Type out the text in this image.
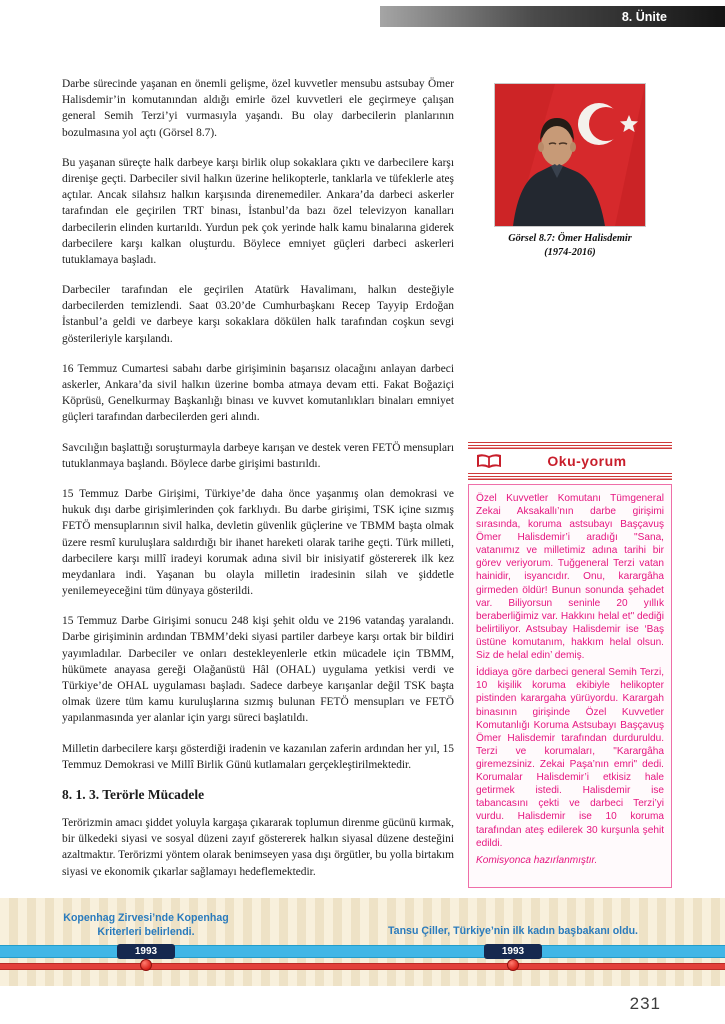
8. Ünite

Darbe sürecinde yaşanan en önemli gelişme, özel kuvvetler mensubu astsubay Ömer Halisdemir’in komutanından aldığı emirle özel kuvvetleri ele geçirmeye çalışan general Semih Terzi’yi vurmasıyla yaşandı. Bu olay darbecilerin planlarının bozulmasına yol açtı (Görsel 8.7).

Bu yaşanan süreçte halk darbeye karşı birlik olup sokaklara çıktı ve darbecilere karşı direnişe geçti. Darbeciler sivil halkın üzerine helikopterle, tanklarla ve tüfeklerle ateş açtılar. Ancak silahsız halkın karşısında direnemediler. Ankara’da darbeci askerler tarafından ele geçirilen TRT binası, İstanbul’da bazı özel televizyon kanalları darbecilerin elinden kurtarıldı. Yurdun pek çok yerinde halk kamu binalarına giderek darbecilere karşı kalkan oluşturdu. Böylece emniyet güçleri darbeci askerleri tutuklamaya başladı.

Darbeciler tarafından ele geçirilen Atatürk Havalimanı, halkın desteğiyle darbecilerden temizlendi. Saat 03.20’de Cumhurbaşkanı Recep Tayyip Erdoğan İstanbul’a geldi ve darbeye karşı sokaklara dökülen halk tarafından coşkun sevgi gösterileriyle karşılandı.

16 Temmuz Cumartesi sabahı darbe girişiminin başarısız olacağını anlayan darbeci askerler, Ankara’da sivil halkın üzerine bomba atmaya devam etti. Fakat Boğaziçi Köprüsü, Genelkurmay Başkanlığı binası ve kuvvet komutanlıkları binaları emniyet güçleri tarafından darbecilerden geri alındı.

Savcılığın başlattığı soruşturmayla darbeye karışan ve destek veren FETÖ mensupları tutuklanmaya başlandı. Böylece darbe girişimi bastırıldı.

15 Temmuz Darbe Girişimi, Türkiye’de daha önce yaşanmış olan demokrasi ve hukuk dışı darbe girişimlerinden çok farklıydı. Bu darbe girişimi, TSK içine sızmış FETÖ mensuplarının sivil halka, devletin güvenlik güçlerine ve TBMM başta olmak üzere resmî kuruluşlara saldırdığı bir ihanet hareketi olarak tarihe geçti. Türk milleti, darbecilere karşı millî iradeyi korumak adına sivil bir inisiyatif göstererek ilk kez meydanlara indi. Yaşanan bu olayla milletin iradesinin silah ve şiddetle yenilemeyeceğini tüm dünyaya gösterildi.

15 Temmuz Darbe Girişimi sonucu 248 kişi şehit oldu ve 2196 vatandaş yaralandı. Darbe girişiminin ardından TBMM’deki siyasi partiler darbeye karşı ortak bir bildiri yayımladılar. Darbeciler ve onları destekleyenlerle etkin mücadele için TBMM, hükümete anayasa gereği Olağanüstü Hâl (OHAL) uygulama yetkisi verdi ve Türkiye’de OHAL uygulaması başladı. Sadece darbeye karışanlar değil TSK başta olmak üzere tüm kamu kuruluşlarına sızmış bulunan FETÖ mensupları ve FETÖ yapılanmasında yer alanlar için yargı süreci başlatıldı.

Milletin darbecilere karşı gösterdiği iradenin ve kazanılan zaferin ardından her yıl, 15 Temmuz Demokrasi ve Millî Birlik Günü kutlamaları gerçekleştirilmektedir.

8. 1. 3. Terörle Mücadele

Terörizmin amacı şiddet yoluyla kargaşa çıkararak toplumun direnme gücünü kırmak, bir ülkedeki siyasi ve sosyal düzeni zayıf göstererek halkın siyasal düzene desteğini azaltmaktır. Terörizmi yöntem olarak benimseyen yasa dışı örgütler, bu yolla birtakım siyasi ve ekonomik çıkarlar sağlamayı hedeflemektedir.

Görsel 8.7: Ömer Halisdemir
(1974-2016)
Oku-yorum

Özel Kuvvetler Komutanı Tümgeneral Zekai Aksakallı’nın darbe girişimi sırasında, koruma astsubayı Başçavuş Ömer Halisdemir’i aradığı "Sana, vatanımız ve milletimiz adına tarihi bir görev veriyorum. Tuğgeneral Terzi vatan hainidir, isyancıdır. Onu, karargâha girmeden öldür! Bunun sonunda şehadet var. Biliyorsun seninle 20 yıllık beraberliğimiz var. Hakkını helal et" dediği belirtiliyor. Astsubay Halisdemir ise ‘Baş üstüne komutanım, hakkım helal olsun. Siz de helal edin’ demiş.

İddiaya göre darbeci general Semih Terzi, 10 kişilik koruma ekibiyle helikopter pistinden karargaha yürüyordu. Karargah binasının girişinde Özel Kuvvetler Komutanlığı Koruma Astsubayı Başçavuş Ömer Halisdemir tarafından durduruldu. Terzi ve korumaları, "Karargâha giremezsiniz. Zekai Paşa’nın emri" dedi. Korumalar Halisdemir’i etkisiz hale getirmek istedi. Halisdemir ise tabancasını çekti ve darbeci Terzi’yi vurdu. Halisdemir ise 10 koruma tarafından ateş edilerek 30 kurşunla şehit edildi.

Komisyonca hazırlanmıştır.

Kopenhag Zirvesi’nde Kopenhag Kriterleri belirlendi.	Tansu Çiller, Türkiye’nin ilk kadın başbakanı oldu.
1993	1993
231
